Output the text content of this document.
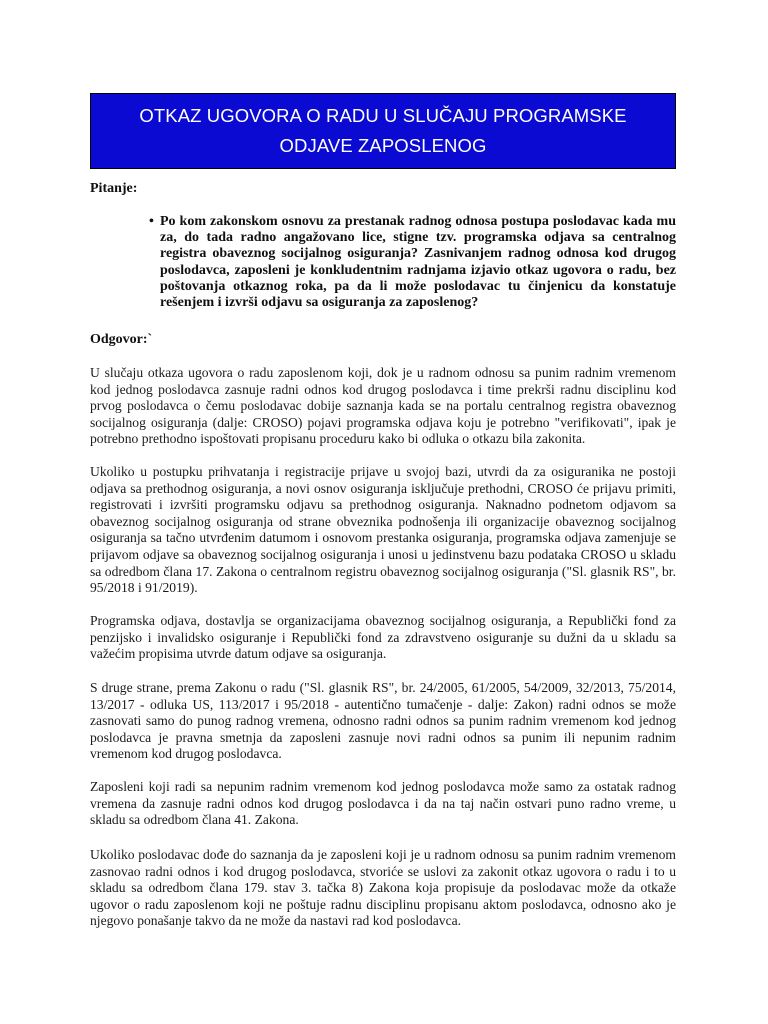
OTKAZ UGOVORA O RADU U SLUČAJU PROGRAMSKE ODJAVE ZAPOSLENOG
Pitanje:
• Po kom zakonskom osnovu za prestanak radnog odnosa postupa poslodavac kada mu za, do tada radno angažovano lice, stigne tzv. programska odjava sa centralnog registra obaveznog socijalnog osiguranja? Zasnivanjem radnog odnosa kod drugog poslodavca, zaposleni je konkludentnim radnjama izjavio otkaz ugovora o radu, bez poštovanja otkaznog roka, pa da li može poslodavac tu činjenicu da konstatuje rešenjem i izvrši odjavu sa osiguranja za zaposlenog?
Odgovor:`

U slučaju otkaza ugovora o radu zaposlenom koji, dok je u radnom odnosu sa punim radnim vremenom kod jednog poslodavca zasnuje radni odnos kod drugog poslodavca i time prekrši radnu disciplinu kod prvog poslodavca o čemu poslodavac dobije saznanja kada se na portalu centralnog registra obaveznog socijalnog osiguranja (dalje: CROSO) pojavi programska odjava koju je potrebno "verifikovati", ipak je potrebno prethodno ispoštovati propisanu proceduru kako bi odluka o otkazu bila zakonita.

Ukoliko u postupku prihvatanja i registracije prijave u svojoj bazi, utvrdi da za osiguranika ne postoji odjava sa prethodnog osiguranja, a novi osnov osiguranja isključuje prethodni, CROSO će prijavu primiti, registrovati i izvršiti programsku odjavu sa prethodnog osiguranja. Naknadno podnetom odjavom sa obaveznog socijalnog osiguranja od strane obveznika podnošenja ili organizacije obaveznog socijalnog osiguranja sa tačno utvrđenim datumom i osnovom prestanka osiguranja, programska odjava zamenjuje se prijavom odjave sa obaveznog socijalnog osiguranja i unosi u jedinstvenu bazu podataka CROSO u skladu sa odredbom člana 17. Zakona o centralnom registru obaveznog socijalnog osiguranja ("Sl. glasnik RS", br. 95/2018 i 91/2019).

Programska odjava, dostavlja se organizacijama obaveznog socijalnog osiguranja, a Republički fond za penzijsko i invalidsko osiguranje i Republički fond za zdravstveno osiguranje su dužni da u skladu sa važećim propisima utvrde datum odjave sa osiguranja.

S druge strane, prema Zakonu o radu ("Sl. glasnik RS", br. 24/2005, 61/2005, 54/2009, 32/2013, 75/2014, 13/2017 - odluka US, 113/2017 i 95/2018 - autentično tumačenje - dalje: Zakon) radni odnos se može zasnovati samo do punog radnog vremena, odnosno radni odnos sa punim radnim vremenom kod jednog poslodavca je pravna smetnja da zaposleni zasnuje novi radni odnos sa punim ili nepunim radnim vremenom kod drugog poslodavca.

Zaposleni koji radi sa nepunim radnim vremenom kod jednog poslodavca može samo za ostatak radnog vremena da zasnuje radni odnos kod drugog poslodavca i da na taj način ostvari puno radno vreme, u skladu sa odredbom člana 41. Zakona.

Ukoliko poslodavac dođe do saznanja da je zaposleni koji je u radnom odnosu sa punim radnim vremenom zasnovao radni odnos i kod drugog poslodavca, stvoriće se uslovi za zakonit otkaz ugovora o radu i to u skladu sa odredbom člana 179. stav 3. tačka 8) Zakona koja propisuje da poslodavac može da otkaže ugovor o radu zaposlenom koji ne poštuje radnu disciplinu propisanu aktom poslodavca, odnosno ako je njegovo ponašanje takvo da ne može da nastavi rad kod poslodavca.
